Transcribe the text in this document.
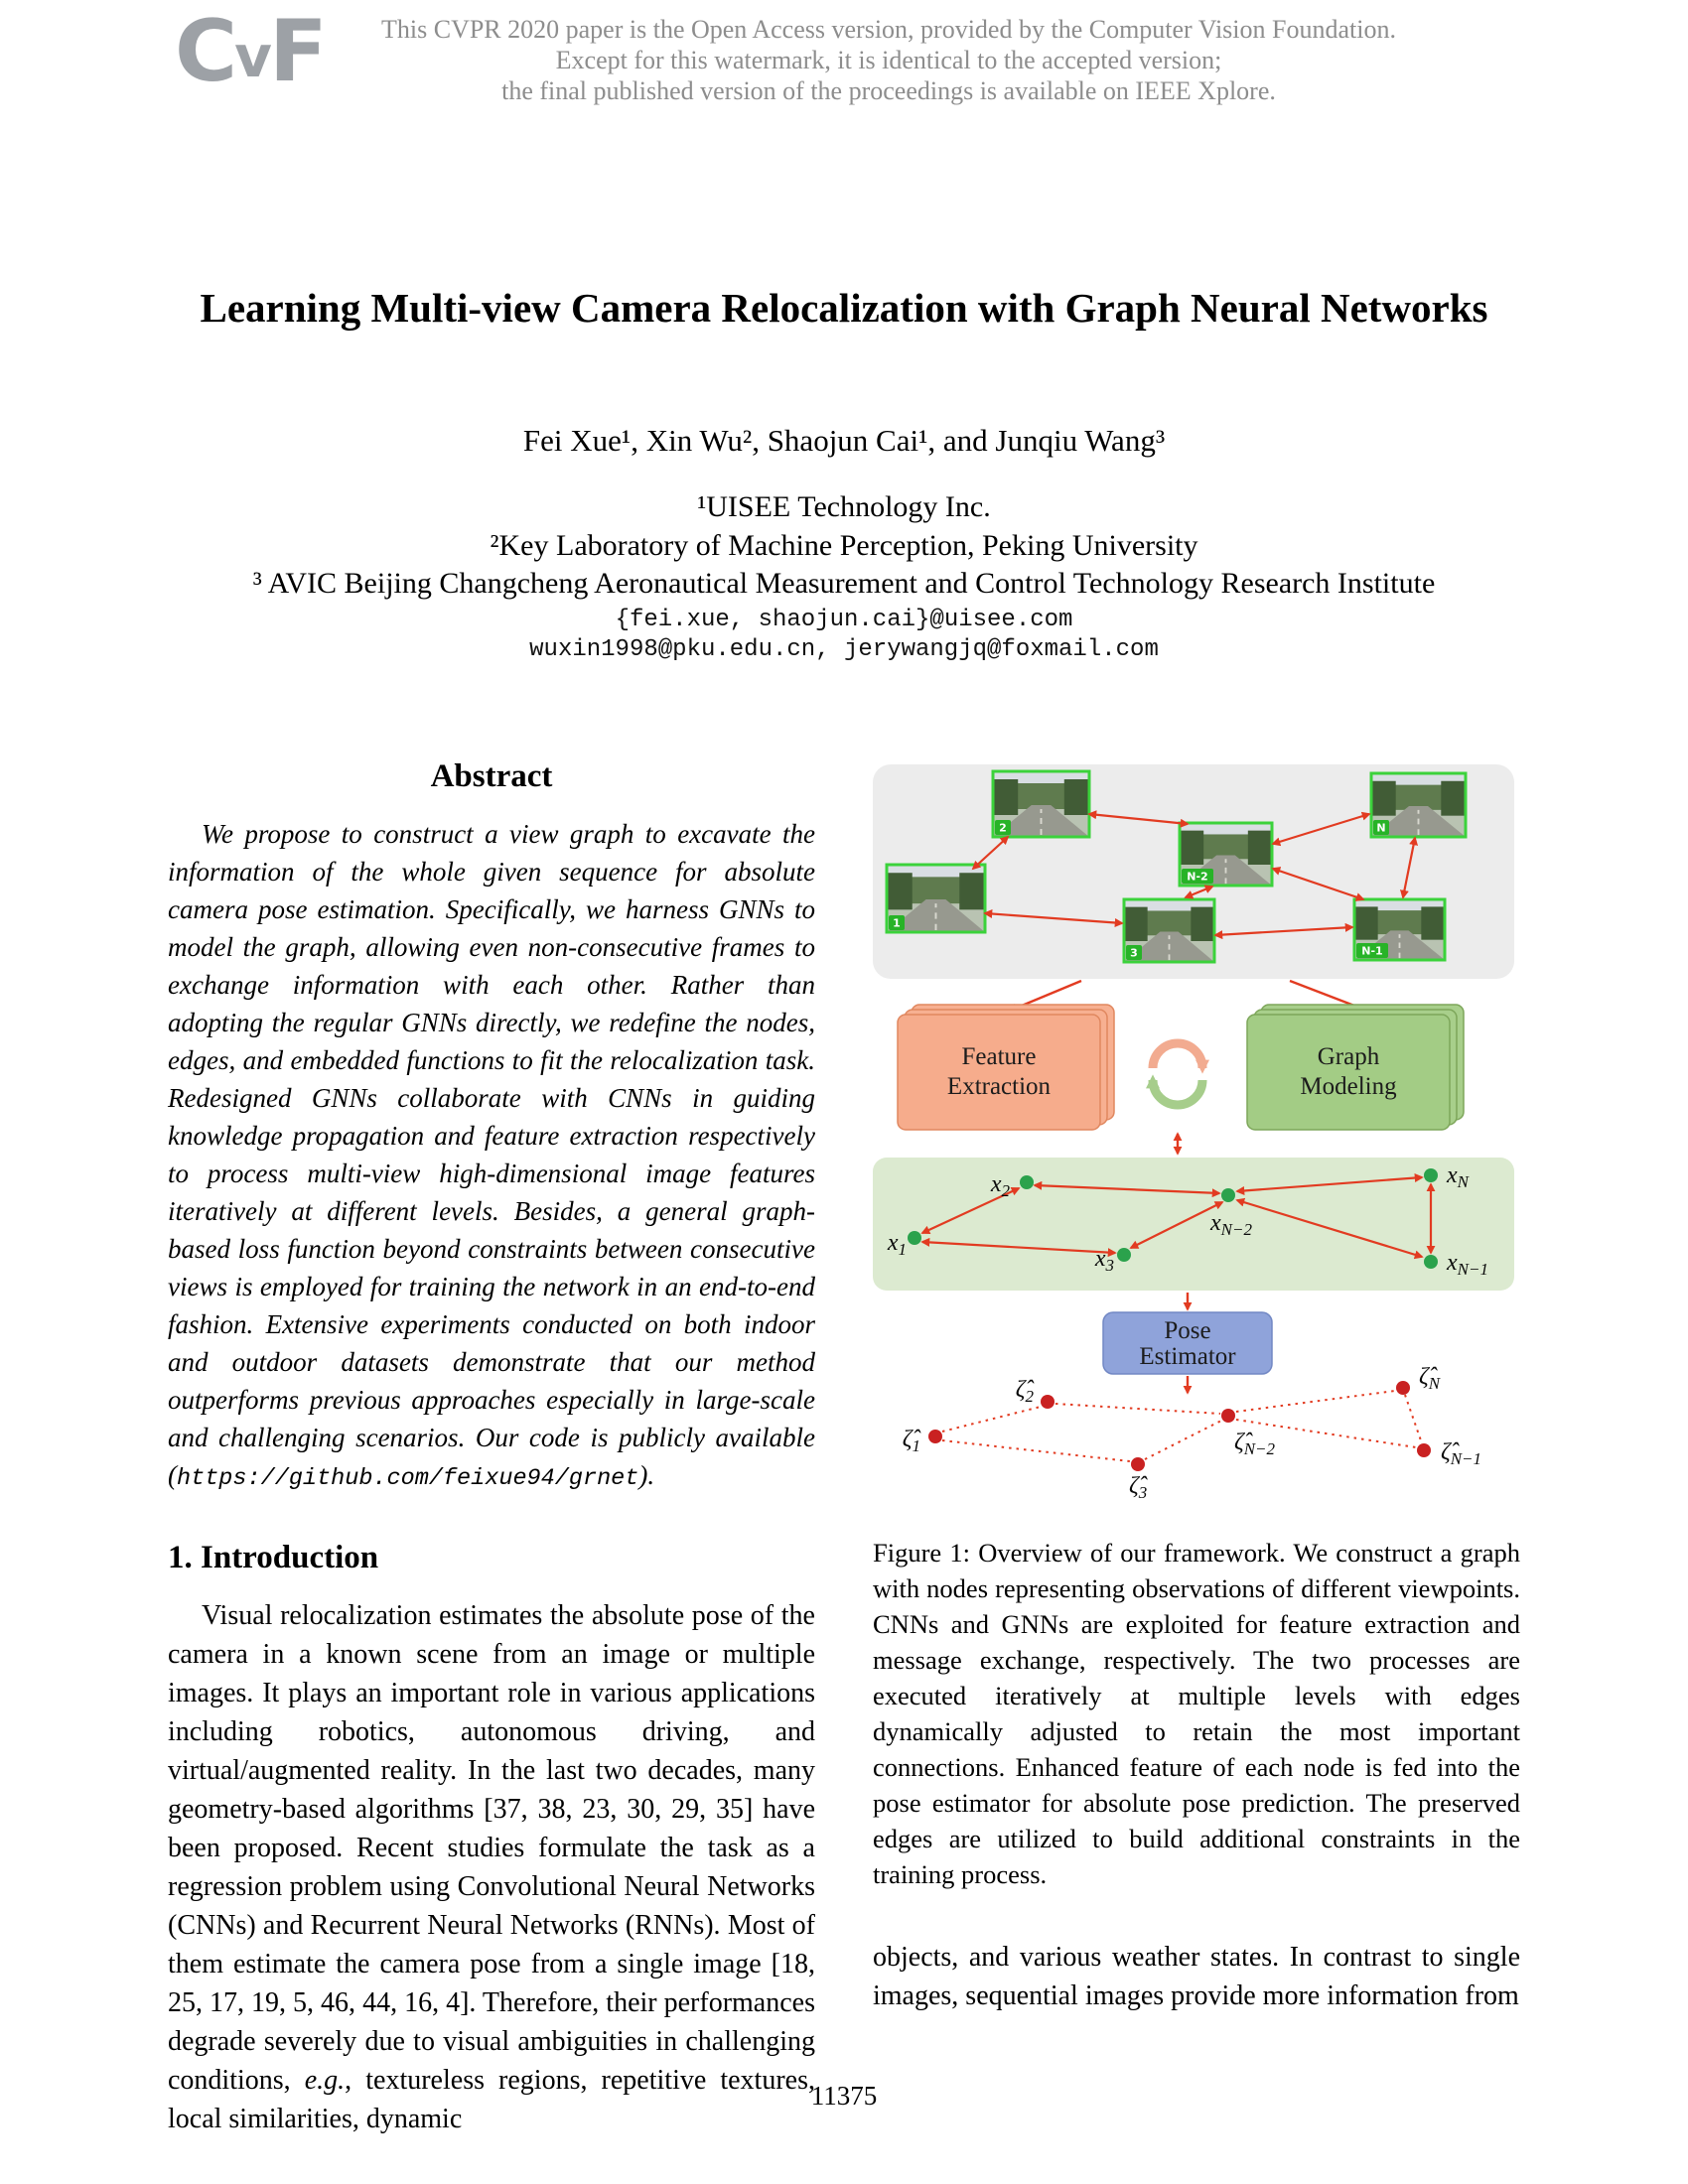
CvF	This CVPR 2020 paper is the Open Access version, provided by the Computer Vision Foundation.
Except for this watermark, it is identical to the accepted version;
the final published version of the proceedings is available on IEEE Xplore.
Learning Multi-view Camera Relocalization with Graph Neural Networks
Fei Xue¹, Xin Wu², Shaojun Cai¹, and Junqiu Wang³
¹UISEE Technology Inc.
²Key Laboratory of Machine Perception, Peking University
³ AVIC Beijing Changcheng Aeronautical Measurement and Control Technology Research Institute
{fei.xue, shaojun.cai}@uisee.com
wuxin1998@pku.edu.cn, jerywangjq@foxmail.com
Abstract

We propose to construct a view graph to excavate the information of the whole given sequence for absolute camera pose estimation. Specifically, we harness GNNs to model the graph, allowing even non-consecutive frames to exchange information with each other. Rather than adopting the regular GNNs directly, we redefine the nodes, edges, and embedded functions to fit the relocalization task. Redesigned GNNs collaborate with CNNs in guiding knowledge propagation and feature extraction respectively to process multi-view high-dimensional image features iteratively at different levels. Besides, a general graph-based loss function beyond constraints between consecutive views is employed for training the network in an end-to-end fashion. Extensive experiments conducted on both indoor and outdoor datasets demonstrate that our method outperforms previous approaches especially in large-scale and challenging scenarios. Our code is publicly available (https://github.com/feixue94/grnet).

1. Introduction

Visual relocalization estimates the absolute pose of the camera in a known scene from an image or multiple images. It plays an important role in various applications including robotics, autonomous driving, and virtual/augmented reality. In the last two decades, many geometry-based algorithms [37, 38, 23, 30, 29, 35] have been proposed. Recent studies formulate the task as a regression problem using Convolutional Neural Networks (CNNs) and Recurrent Neural Networks (RNNs). Most of them estimate the camera pose from a single image [18, 25, 17, 19, 5, 46, 44, 16, 4]. Therefore, their performances degrade severely due to visual ambiguities in challenging conditions, e.g., textureless regions, repetitive textures, local similarities, dynamic

1
2
3
N-2
N-1
N
Feature
Extraction
Graph
Modeling
$x_2$
$x_N$
$x_1$	$x_3$
$x_{N-2}$
$x_{N-1}$
Pose
Estimator
$\zetâ_2$
$\zetâ_N$
$\zetâ_1$	$\zetâ_{N-2}$
$\zetâ_3$
$\zetâ_{N-1}$

Figure 1: Overview of our framework. We construct a graph with nodes representing observations of different viewpoints. CNNs and GNNs are exploited for feature extraction and message exchange, respectively. The two processes are executed iteratively at multiple levels with edges dynamically adjusted to retain the most important connections. Enhanced feature of each node is fed into the pose estimator for absolute pose prediction. The preserved edges are utilized to build additional constraints in the training process.

objects, and various weather states. In contrast to single images, sequential images provide more information from

11375
